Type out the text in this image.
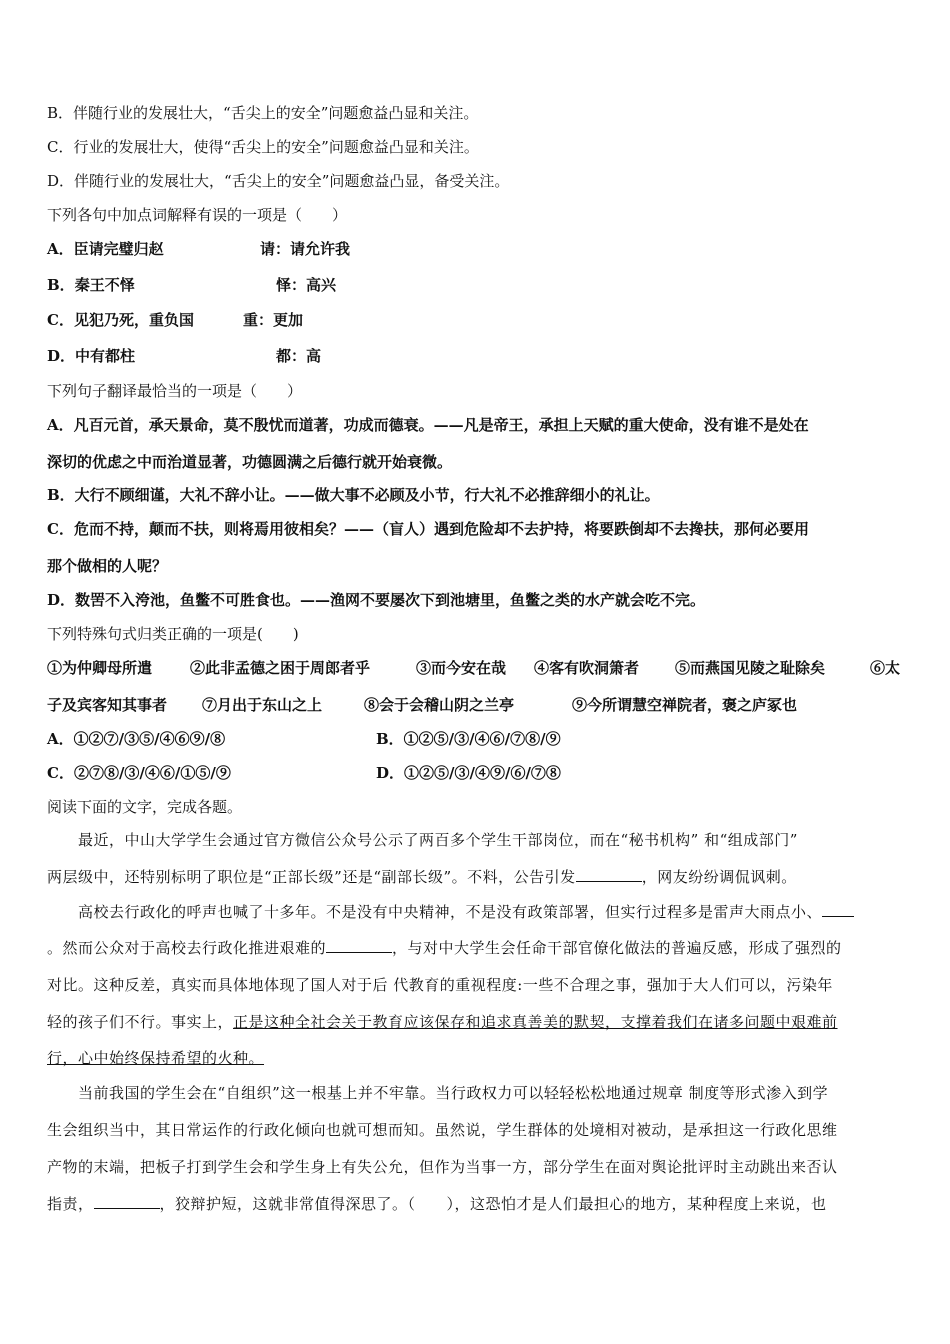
B．伴随行业的发展壮大，“舌尖上的安全”问题愈益凸显和关注。
C．行业的发展壮大，使得“舌尖上的安全”问题愈益凸显和关注。
D．伴随行业的发展壮大，“舌尖上的安全”问题愈益凸显，备受关注。
下列各句中加点词解释有误的一项是（　　）
A．臣请完璧归赵	请：请允许我
B．秦王不怿	怿：高兴
C．见犯乃死，重负国	重：更加
D．中有都柱	都：高
下列句子翻译最恰当的一项是（　　）
A．凡百元首，承天景命，莫不殷忧而道著，功成而德衰。——凡是帝王，承担上天赋的重大使命，没有谁不是处在
深切的优虑之中而治道显著，功德圆满之后德行就开始衰微。
B．大行不顾细谨，大礼不辞小让。——做大事不必顾及小节，行大礼不必推辞细小的礼让。
C．危而不持，颠而不扶，则将焉用彼相矣？——（盲人）遇到危险却不去护持，将要跌倒却不去搀扶，那何必要用
那个做相的人呢？
D．数罟不入洿池，鱼鳖不可胜食也。——渔网不要屡次下到池塘里，鱼鳖之类的水产就会吃不完。
下列特殊句式归类正确的一项是(　　)
①为仲卿母所遣	②此非孟德之困于周郎者乎	③而今安在哉 ④客有吹洞箫者 ⑤而燕国见陵之耻除矣	⑥太
子及宾客知其事者 ⑦月出于东山之上	⑧会于会稽山阴之兰亭	⑨今所谓慧空禅院者，褒之庐冢也
A．①②⑦/③⑤/④⑥⑨/⑧	B．①②⑤/③/④⑥/⑦⑧/⑨
C．②⑦⑧/③/④⑥/①⑤/⑨	D．①②⑤/③/④⑨/⑥/⑦⑧
阅读下面的文字，完成各题。
最近，中山大学学生会通过官方微信公众号公示了两百多个学生干部岗位，而在“秘书机构” 和“组成部门”
两层级中，还特别标明了职位是“正部长级”还是“副部长级”。不料，公告引发	，网友纷纷调侃讽刺。
高校去行政化的呼声也喊了十多年。不是没有中央精神，不是没有政策部署，但实行过程多是雷声大雨点小、
。然而公众对于高校去行政化推进艰难的	，与对中大学生会任命干部官僚化做法的普遍反感，形成了强烈的
对比。这种反差，真实而具体地体现了国人对于后 代教育的重视程度:一些不合理之事，强加于大人们可以，污染年
轻的孩子们不行。事实上，正是这种全社会关于教育应该保存和追求真善美的默契，支撑着我们在诸多问题中艰难前
行，心中始终保持希望的火种。
当前我国的学生会在“自组织”这一根基上并不牢靠。当行政权力可以轻轻松松地通过规章 制度等形式渗入到学
生会组织当中，其日常运作的行政化倾向也就可想而知。虽然说，学生群体的处境相对被动，是承担这一行政化思维
产物的末端，把板子打到学生会和学生身上有失公允，但作为当事一方，部分学生在面对舆论批评时主动跳出来否认
指责，	，狡辩护短，这就非常值得深思了。（　　），这恐怕才是人们最担心的地方，某种程度上来说，也
